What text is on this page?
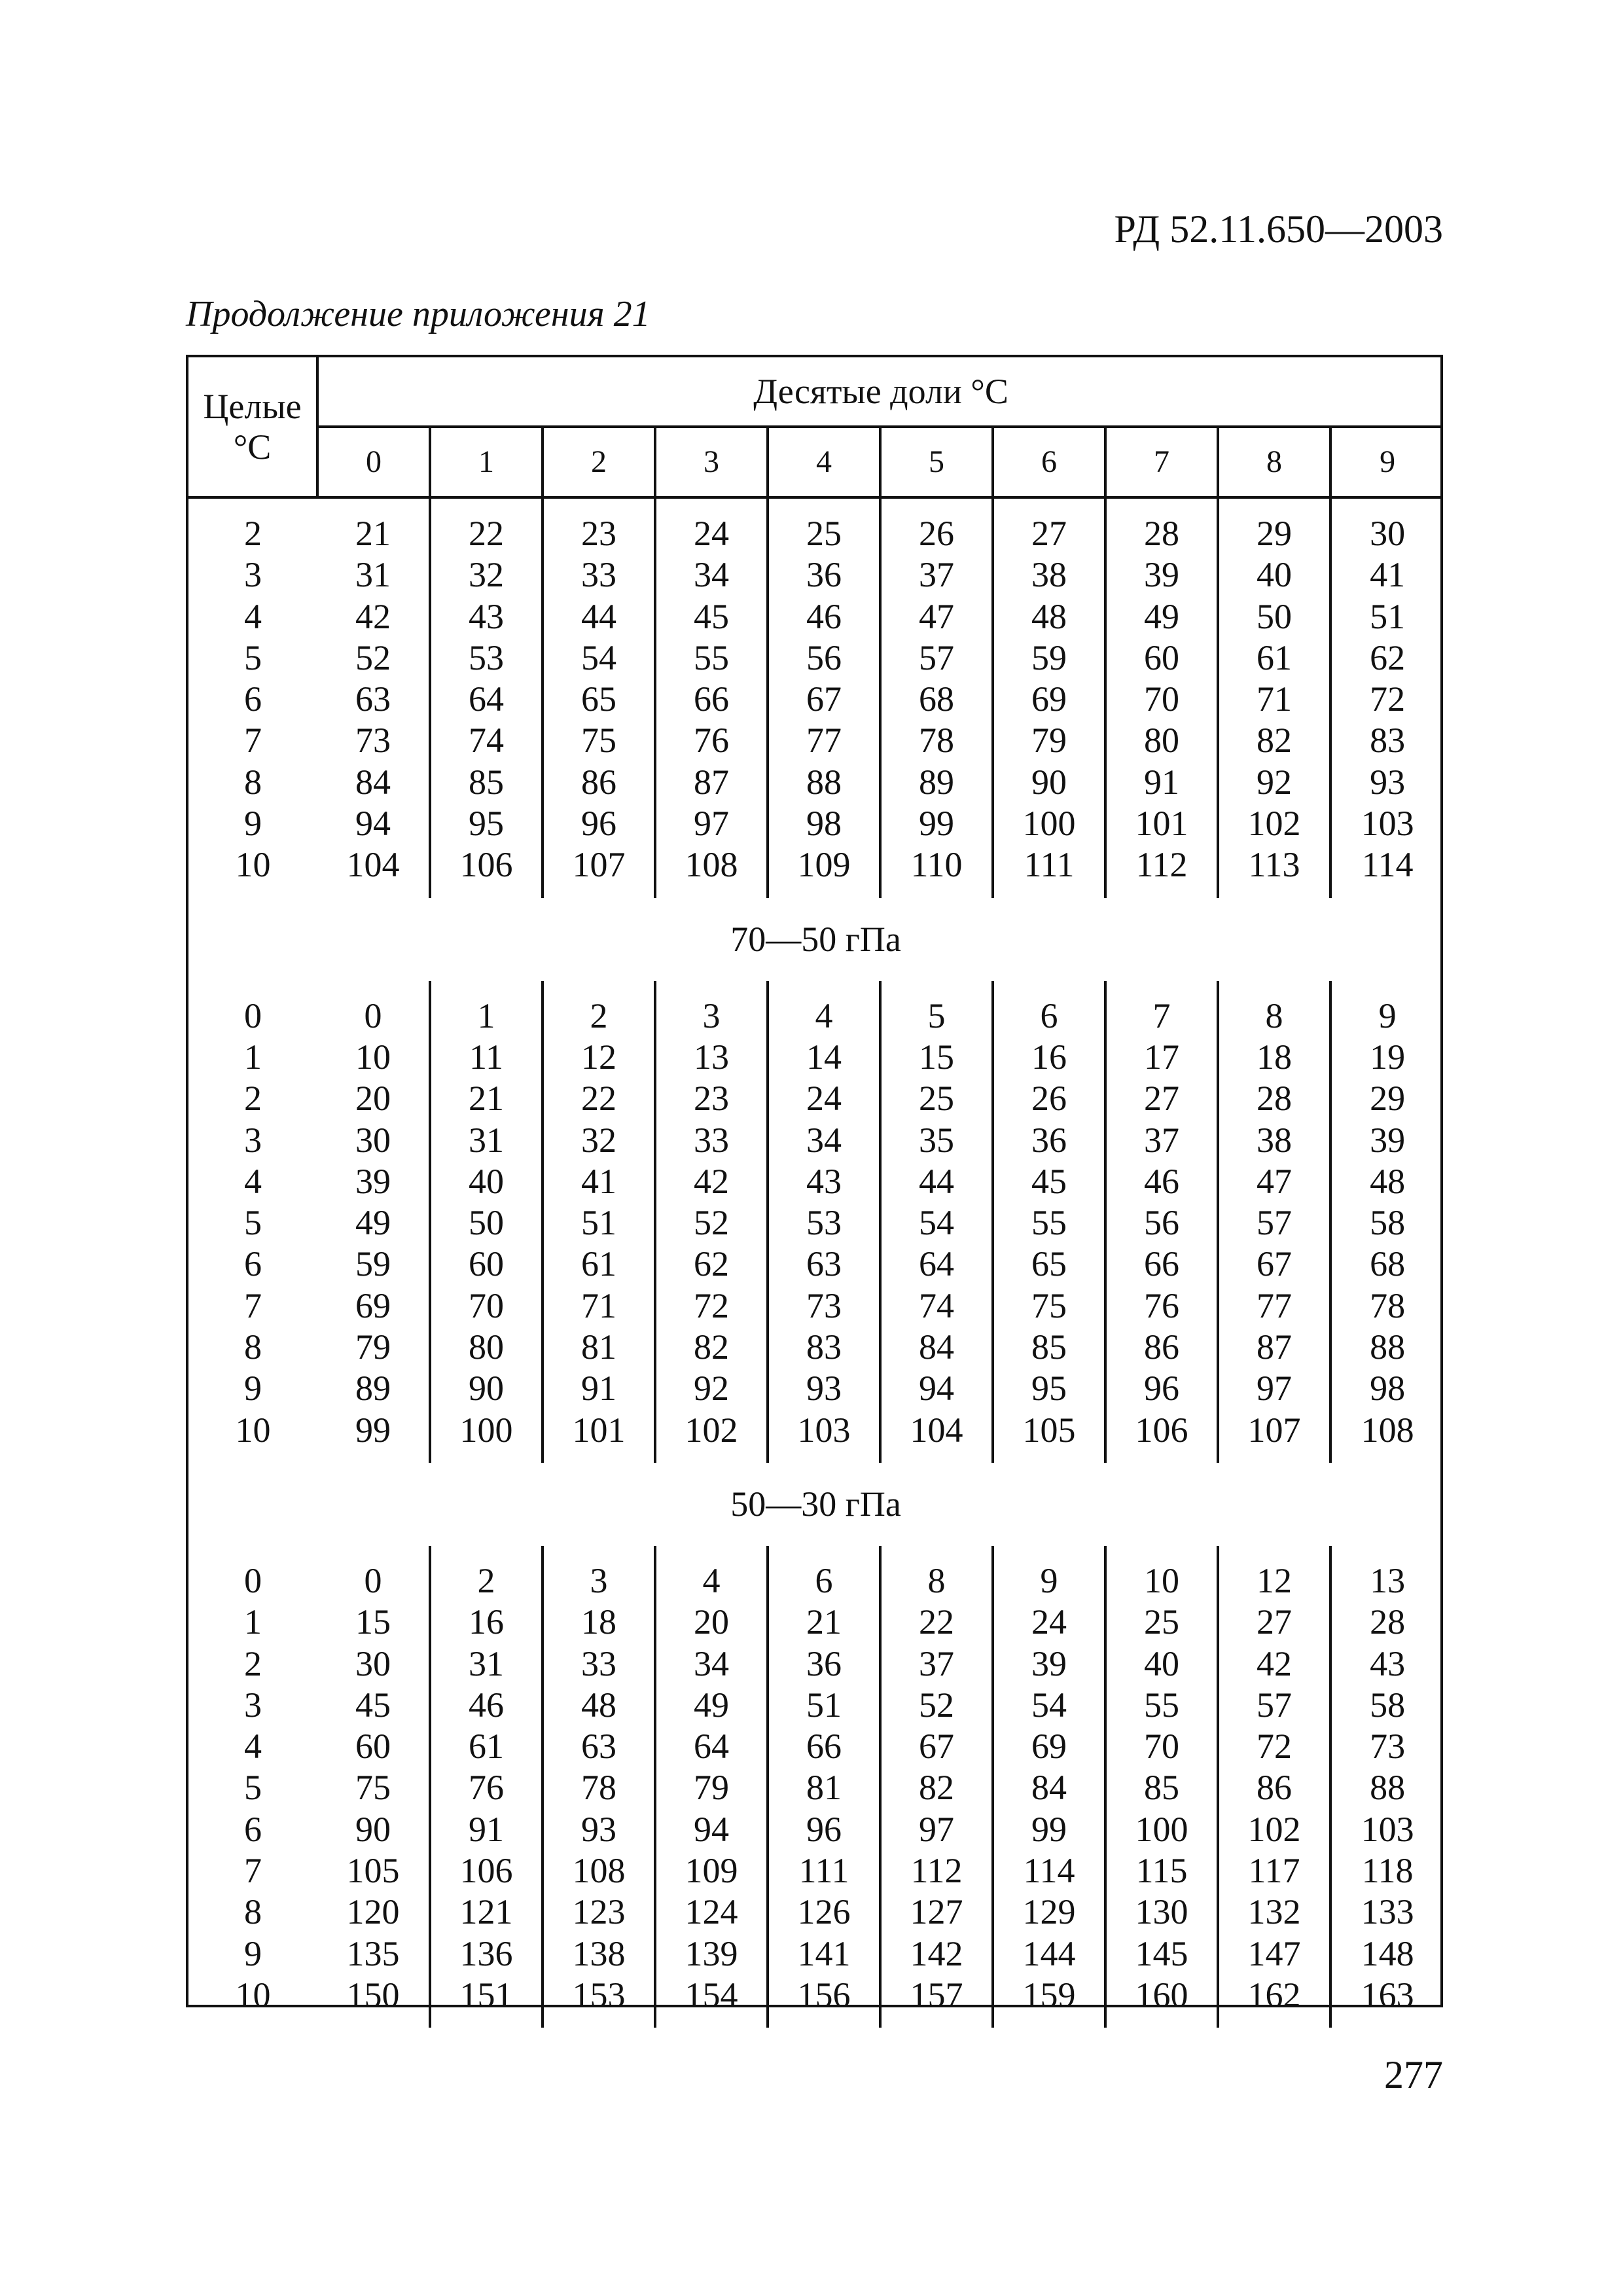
РД 52.11.650—2003
Продолжение приложения 21
Целые
°С	Десятые доли °С									
	0	1	2	3	4	5	6	7	8	9

2	21	22	23	24	25	26	27	28	29	30
3	31	32	33	34	36	37	38	39	40	41
4	42	43	44	45	46	47	48	49	50	51
5	52	53	54	55	56	57	59	60	61	62
6	63	64	65	66	67	68	69	70	71	72
7	73	74	75	76	77	78	79	80	82	83
8	84	85	86	87	88	89	90	91	92	93
9	94	95	96	97	98	99	100	101	102	103
10	104	106	107	108	109	110	111	112	113	114

70—50 гПа										

0	0	1	2	3	4	5	6	7	8	9
1	10	11	12	13	14	15	16	17	18	19
2	20	21	22	23	24	25	26	27	28	29
3	30	31	32	33	34	35	36	37	38	39
4	39	40	41	42	43	44	45	46	47	48
5	49	50	51	52	53	54	55	56	57	58
6	59	60	61	62	63	64	65	66	67	68
7	69	70	71	72	73	74	75	76	77	78
8	79	80	81	82	83	84	85	86	87	88
9	89	90	91	92	93	94	95	96	97	98
10	99	100	101	102	103	104	105	106	107	108

50—30 гПа										

0	0	2	3	4	6	8	9	10	12	13
1	15	16	18	20	21	22	24	25	27	28
2	30	31	33	34	36	37	39	40	42	43
3	45	46	48	49	51	52	54	55	57	58
4	60	61	63	64	66	67	69	70	72	73
5	75	76	78	79	81	82	84	85	86	88
6	90	91	93	94	96	97	99	100	102	103
7	105	106	108	109	111	112	114	115	117	118
8	120	121	123	124	126	127	129	130	132	133
9	135	136	138	139	141	142	144	145	147	148
10	150	151	153	154	156	157	159	160	162	163

277
